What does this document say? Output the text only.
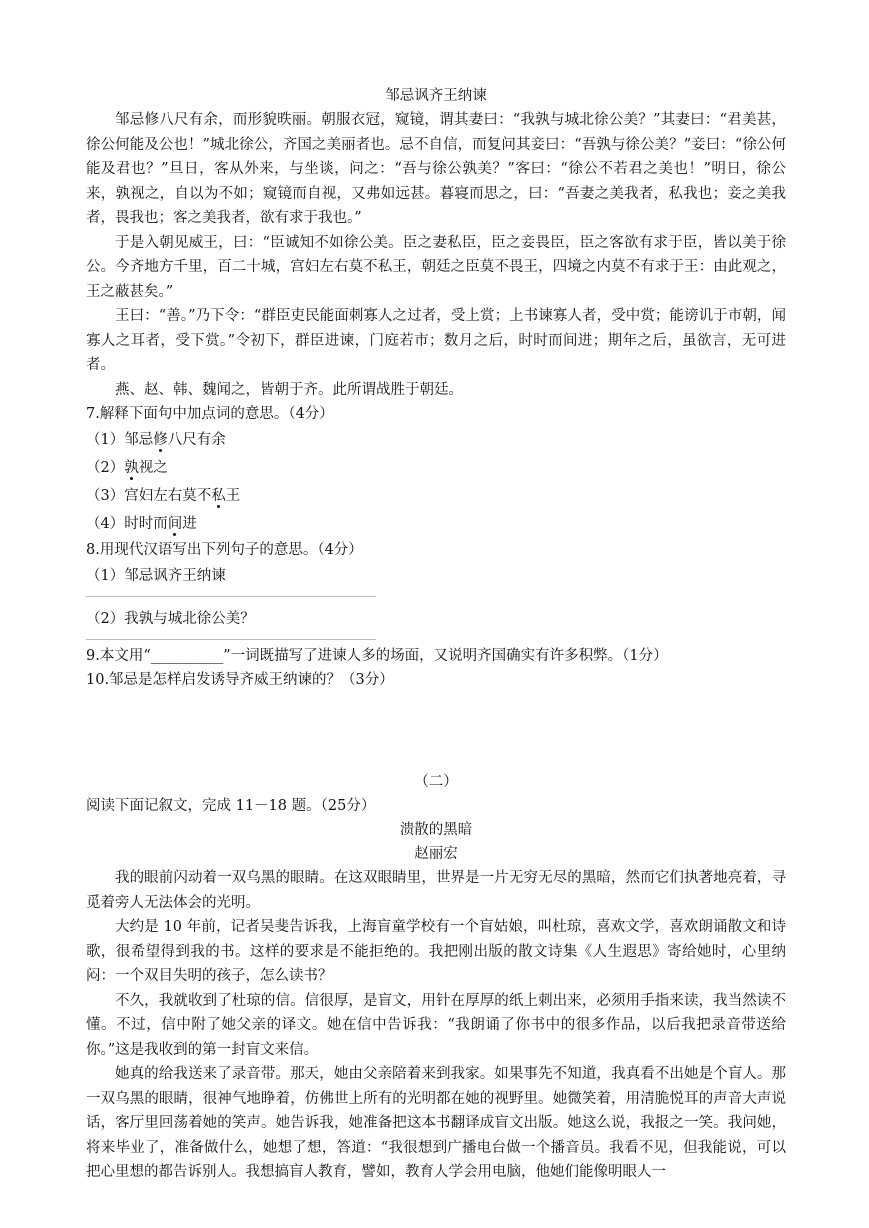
邹忌讽齐王纳谏

邹忌修八尺有余，而形貌昳丽。朝服衣冠，窥镜，谓其妻曰：“我孰与城北徐公美？”其妻曰：“君美甚，徐公何能及公也！”城北徐公，齐国之美丽者也。忌不自信，而复问其妾曰：“吾孰与徐公美？”妾曰：“徐公何能及君也？”旦日，客从外来，与坐谈，问之：“吾与徐公孰美？”客曰：“徐公不若君之美也！”明日，徐公来，孰视之，自以为不如；窥镜而自视，又弗如远甚。暮寝而思之，曰：“吾妻之美我者，私我也；妾之美我者，畏我也；客之美我者，欲有求于我也。”

于是入朝见威王，曰：“臣诚知不如徐公美。臣之妻私臣，臣之妾畏臣，臣之客欲有求于臣，皆以美于徐公。今齐地方千里，百二十城，宫妇左右莫不私王，朝廷之臣莫不畏王，四境之内莫不有求于王：由此观之，王之蔽甚矣。”

王曰：“善。”乃下令：“群臣吏民能面刺寡人之过者，受上赏；上书谏寡人者，受中赏；能谤讥于市朝，闻寡人之耳者，受下赏。”令初下，群臣进谏，门庭若市；数月之后，时时而间进；期年之后，虽欲言，无可进者。

燕、赵、韩、魏闻之，皆朝于齐。此所谓战胜于朝廷。

7.解释下面句中加点词的意思。（4分）

（1）邹忌修八尺有余

（2）孰视之

（3）宫妇左右莫不私王

（4）时时而间进

8.用现代汉语写出下列句子的意思。（4分）

（1）邹忌讽齐王纳谏

（2）我孰与城北徐公美？

9.本文用“__________”一词既描写了进谏人多的场面，又说明齐国确实有许多积弊。（1分）

10.邹忌是怎样启发诱导齐威王纳谏的？（3分）

（二）

阅读下面记叙文，完成 11－18 题。（25分）

溃散的黑暗

赵丽宏

我的眼前闪动着一双乌黑的眼睛。在这双眼睛里，世界是一片无穷无尽的黑暗，然而它们执著地亮着，寻觅着旁人无法体会的光明。

大约是 10 年前，记者吴斐告诉我，上海盲童学校有一个盲姑娘，叫杜琼，喜欢文学，喜欢朗诵散文和诗歌，很希望得到我的书。这样的要求是不能拒绝的。我把刚出版的散文诗集《人生遐思》寄给她时，心里纳闷：一个双目失明的孩子，怎么读书？

不久，我就收到了杜琼的信。信很厚，是盲文，用针在厚厚的纸上刺出来，必须用手指来读，我当然读不懂。不过，信中附了她父亲的译文。她在信中告诉我：“我朗诵了你书中的很多作品，以后我把录音带送给你。”这是我收到的第一封盲文来信。

她真的给我送来了录音带。那天，她由父亲陪着来到我家。如果事先不知道，我真看不出她是个盲人。那一双乌黑的眼睛，很神气地睁着，仿佛世上所有的光明都在她的视野里。她微笑着，用清脆悦耳的声音大声说话，客厅里回荡着她的笑声。她告诉我，她准备把这本书翻译成盲文出版。她这么说，我报之一笑。我问她，将来毕业了，准备做什么，她想了想，答道：“我很想到广播电台做一个播音员。我看不见，但我能说，可以把心里想的都告诉别人。我想搞盲人教育，譬如，教育人学会用电脑，他她们能像明眼人一
